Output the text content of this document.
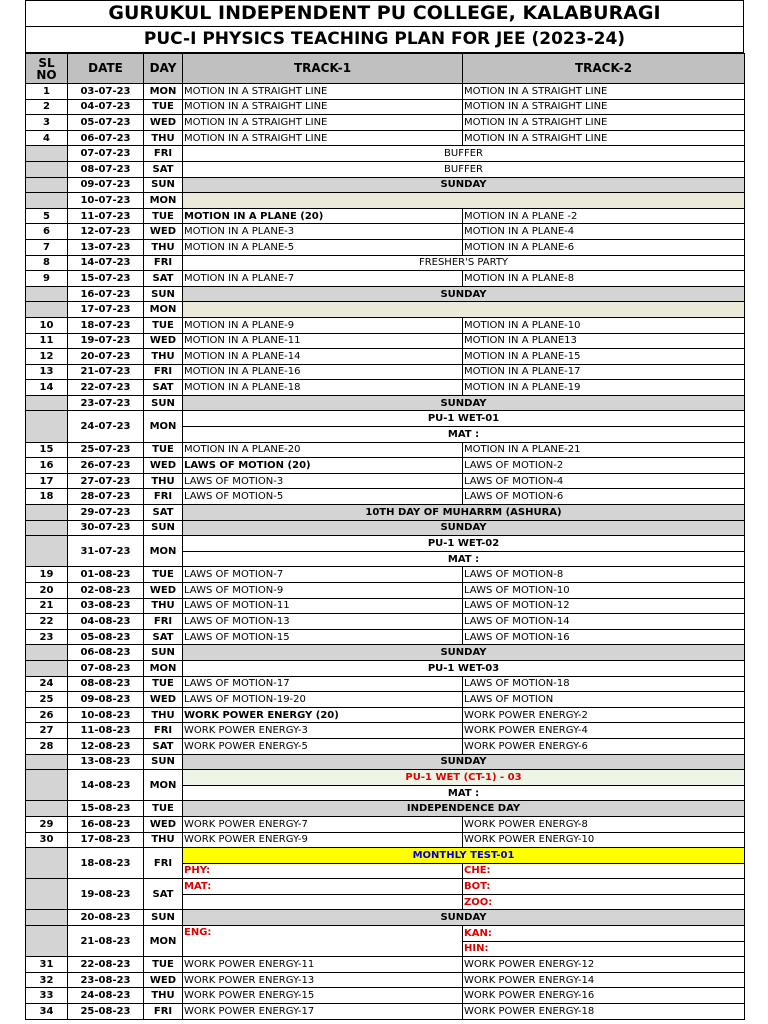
GURUKUL INDEPENDENT PU COLLEGE, KALABURAGI
PUC-I PHYSICS TEACHING PLAN FOR JEE (2023-24)
SL NO	DATE	DAY	TRACK-1	TRACK-2
1	03-07-23	MON	MOTION IN A STRAIGHT LINE	MOTION IN A STRAIGHT LINE
2	04-07-23	TUE	MOTION IN A STRAIGHT LINE	MOTION IN A STRAIGHT LINE
3	05-07-23	WED	MOTION IN A STRAIGHT LINE	MOTION IN A STRAIGHT LINE
4	06-07-23	THU	MOTION IN A STRAIGHT LINE	MOTION IN A STRAIGHT LINE
	07-07-23	FRI	BUFFER	
	08-07-23	SAT	BUFFER	
	09-07-23	SUN	SUNDAY	
	10-07-23	MON		
5	11-07-23	TUE	MOTION IN A PLANE (20)	MOTION IN A PLANE -2
6	12-07-23	WED	MOTION IN A PLANE-3	MOTION IN A PLANE-4
7	13-07-23	THU	MOTION IN A PLANE-5	MOTION IN A PLANE-6
8	14-07-23	FRI	FRESHER'S PARTY	
9	15-07-23	SAT	MOTION IN A PLANE-7	MOTION IN A PLANE-8
	16-07-23	SUN	SUNDAY	
	17-07-23	MON		
10	18-07-23	TUE	MOTION IN A PLANE-9	MOTION IN A PLANE-10
11	19-07-23	WED	MOTION IN A PLANE-11	MOTION IN A PLANE13
12	20-07-23	THU	MOTION IN A PLANE-14	MOTION IN A PLANE-15
13	21-07-23	FRI	MOTION IN A PLANE-16	MOTION IN A PLANE-17
14	22-07-23	SAT	MOTION IN A PLANE-18	MOTION IN A PLANE-19
	23-07-23	SUN	SUNDAY	
	24-07-23	MON	PU-1 WET-01	
			MAT :	
15	25-07-23	TUE	MOTION IN A PLANE-20	MOTION IN A PLANE-21
16	26-07-23	WED	LAWS OF MOTION (20)	LAWS OF MOTION-2
17	27-07-23	THU	LAWS OF MOTION-3	LAWS OF MOTION-4
18	28-07-23	FRI	LAWS OF MOTION-5	LAWS OF MOTION-6
	29-07-23	SAT	10TH DAY OF MUHARRM (ASHURA)	
	30-07-23	SUN	SUNDAY	
	31-07-23	MON	PU-1 WET-02	
			MAT :	
19	01-08-23	TUE	LAWS OF MOTION-7	LAWS OF MOTION-8
20	02-08-23	WED	LAWS OF MOTION-9	LAWS OF MOTION-10
21	03-08-23	THU	LAWS OF MOTION-11	LAWS OF MOTION-12
22	04-08-23	FRI	LAWS OF MOTION-13	LAWS OF MOTION-14
23	05-08-23	SAT	LAWS OF MOTION-15	LAWS OF MOTION-16
	06-08-23	SUN	SUNDAY	
	07-08-23	MON	PU-1 WET-03	
24	08-08-23	TUE	LAWS OF MOTION-17	LAWS OF MOTION-18
25	09-08-23	WED	LAWS OF MOTION-19-20	LAWS OF MOTION
26	10-08-23	THU	WORK POWER ENERGY (20)	WORK POWER ENERGY-2
27	11-08-23	FRI	WORK POWER ENERGY-3	WORK POWER ENERGY-4
28	12-08-23	SAT	WORK POWER ENERGY-5	WORK POWER ENERGY-6
	13-08-23	SUN	SUNDAY	
	14-08-23	MON	PU-1 WET (CT-1) - 03	
			MAT :	
	15-08-23	TUE	INDEPENDENCE DAY	
29	16-08-23	WED	WORK POWER ENERGY-7	WORK POWER ENERGY-8
30	17-08-23	THU	WORK POWER ENERGY-9	WORK POWER ENERGY-10
	18-08-23	FRI	MONTHLY TEST-01	
			PHY:	CHE:
	19-08-23	SAT	MAT:	BOT:
				ZOO:
	20-08-23	SUN	SUNDAY	
	21-08-23	MON	ENG:	KAN:
				HIN:
31	22-08-23	TUE	WORK POWER ENERGY-11	WORK POWER ENERGY-12
32	23-08-23	WED	WORK POWER ENERGY-13	WORK POWER ENERGY-14
33	24-08-23	THU	WORK POWER ENERGY-15	WORK POWER ENERGY-16
34	25-08-23	FRI	WORK POWER ENERGY-17	WORK POWER ENERGY-18
